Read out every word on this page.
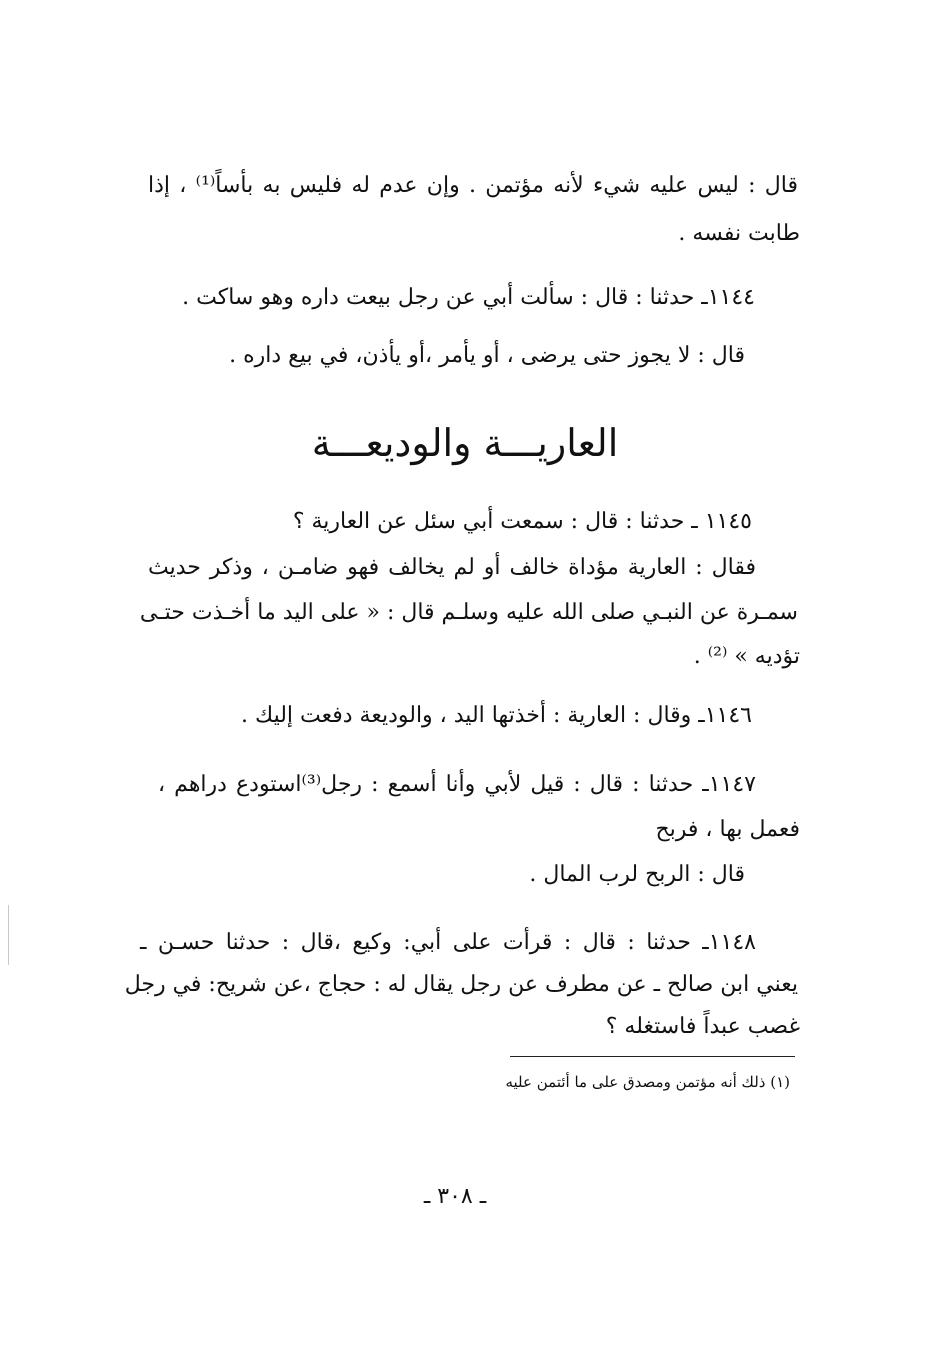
قال : ليس عليه شيء لأنه مؤتمن . وإن عدم له فليس به بأساً⁽¹⁾ ، إذا
طابت نفسه .
١١٤٤ـ حدثنا : قال : سألت أبي عن رجل بيعت داره وهو ساكت .
قال : لا يجوز حتى يرضى ، أو يأمر ،أو يأذن، في بيع داره .
العاريـــة والوديعـــة
١١٤٥ ـ حدثنا : قال : سمعت أبي سئل عن العارية ؟
فقال : العارية مؤداة خالف أو لم يخالف فهو ضامـن ، وذكر حديث
سمـرة عن النبـي صلى الله عليه وسلـم قال : « على اليد ما أخـذت حتـى
تؤديه » ⁽²⁾ .
١١٤٦ـ وقال : العارية : أخذتها اليد ، والوديعة دفعت إليك .
١١٤٧ـ حدثنا : قال : قيل لأبي وأنا أسمع : رجل⁽³⁾استودع دراهم ،
فعمل بها ، فربح
قال : الربح لرب المال .
١١٤٨ـ حدثنا : قال : قرأت على أبي: وكيع ،قال : حدثنا حسـن ـ
يعني ابن صالح ـ عن مطرف عن رجل يقال له : حجاج ،عن شريح: في رجل
غصب عبداً فاستغله ؟
(١) ذلك أنه مؤتمن ومصدق على ما أئتمن عليه
ـ ٣٠٨ ـ
